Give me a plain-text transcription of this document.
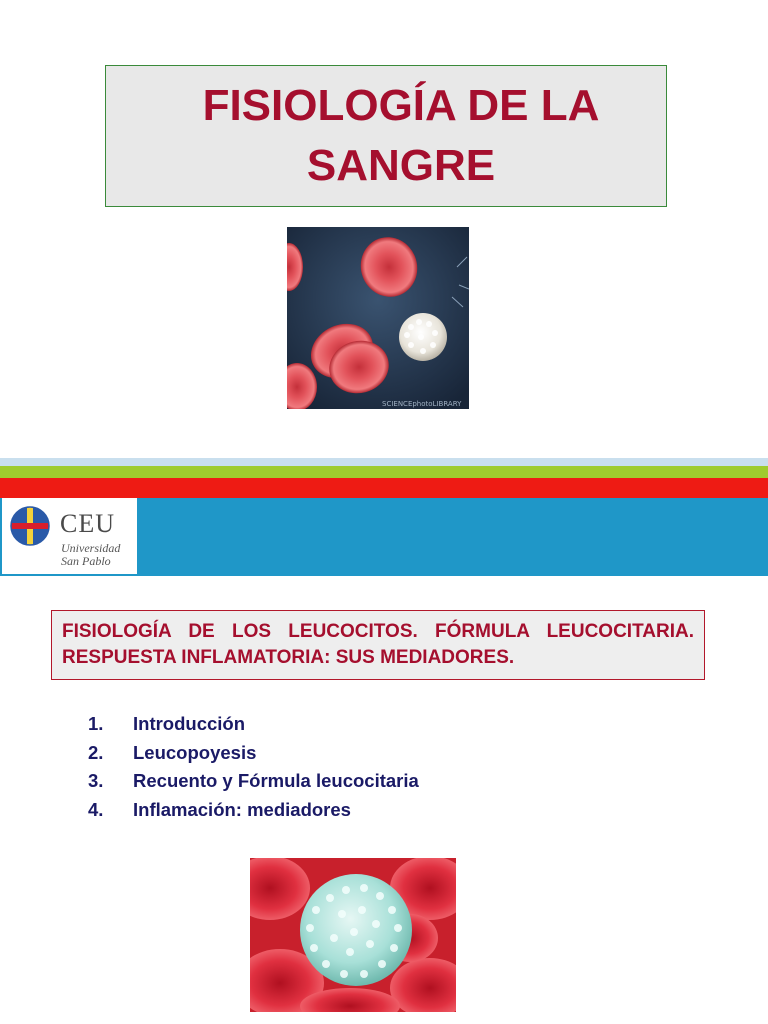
FISIOLOGÍA DE LA
SANGRE
SCIENCEphotoLIBRARY
CEU
Universidad
San Pablo
FISIOLOGÍA DE LOS LEUCOCITOS. FÓRMULA LEUCOCITARIA.
RESPUESTA INFLAMATORIA: SUS MEDIADORES.
1.	Introducción
2.	Leucopoyesis
3.	Recuento y Fórmula leucocitaria
4.	Inflamación: mediadores
